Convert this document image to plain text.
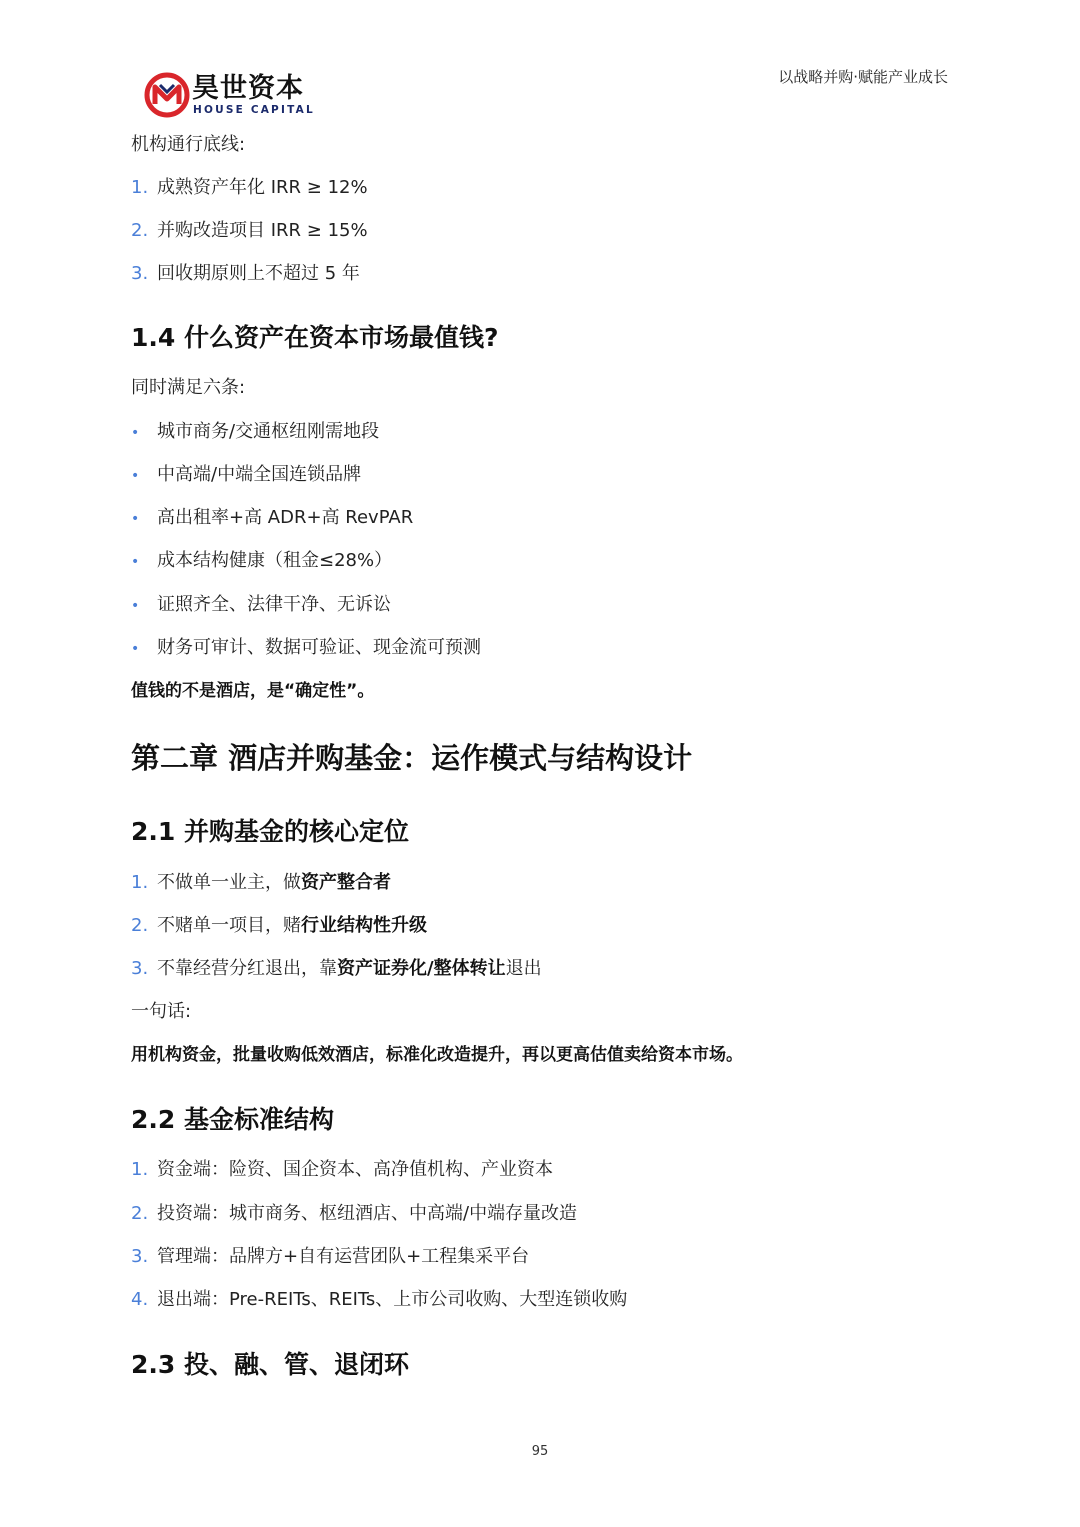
昊世资本
HOUSE CAPITAL
以战略并购·赋能产业成长

机构通行底线:

1. 成熟资产年化 IRR ≥ 12%
2. 并购改造项目 IRR ≥ 15%
3. 回收期原则上不超过 5 年
1.4 什么资产在资本市场最值钱?

同时满足六条:

• 城市商务/交通枢纽刚需地段
• 中高端/中端全国连锁品牌
• 高出租率+高 ADR+高 RevPAR
• 成本结构健康（租金≤28%）
• 证照齐全、法律干净、无诉讼
• 财务可审计、数据可验证、现金流可预测

值钱的不是酒店，是“确定性”。

第二章 酒店并购基金：运作模式与结构设计
2.1 并购基金的核心定位
1. 不做单一业主，做资产整合者
2. 不赌单一项目，赌行业结构性升级
3. 不靠经营分红退出，靠资产证券化/整体转让退出

一句话:

用机构资金，批量收购低效酒店，标准化改造提升，再以更高估值卖给资本市场。

2.2 基金标准结构
1. 资金端：险资、国企资本、高净值机构、产业资本
2. 投资端：城市商务、枢纽酒店、中高端/中端存量改造
3. 管理端：品牌方+自有运营团队+工程集采平台
4. 退出端：Pre-REITs、REITs、上市公司收购、大型连锁收购
2.3 投、融、管、退闭环
95
